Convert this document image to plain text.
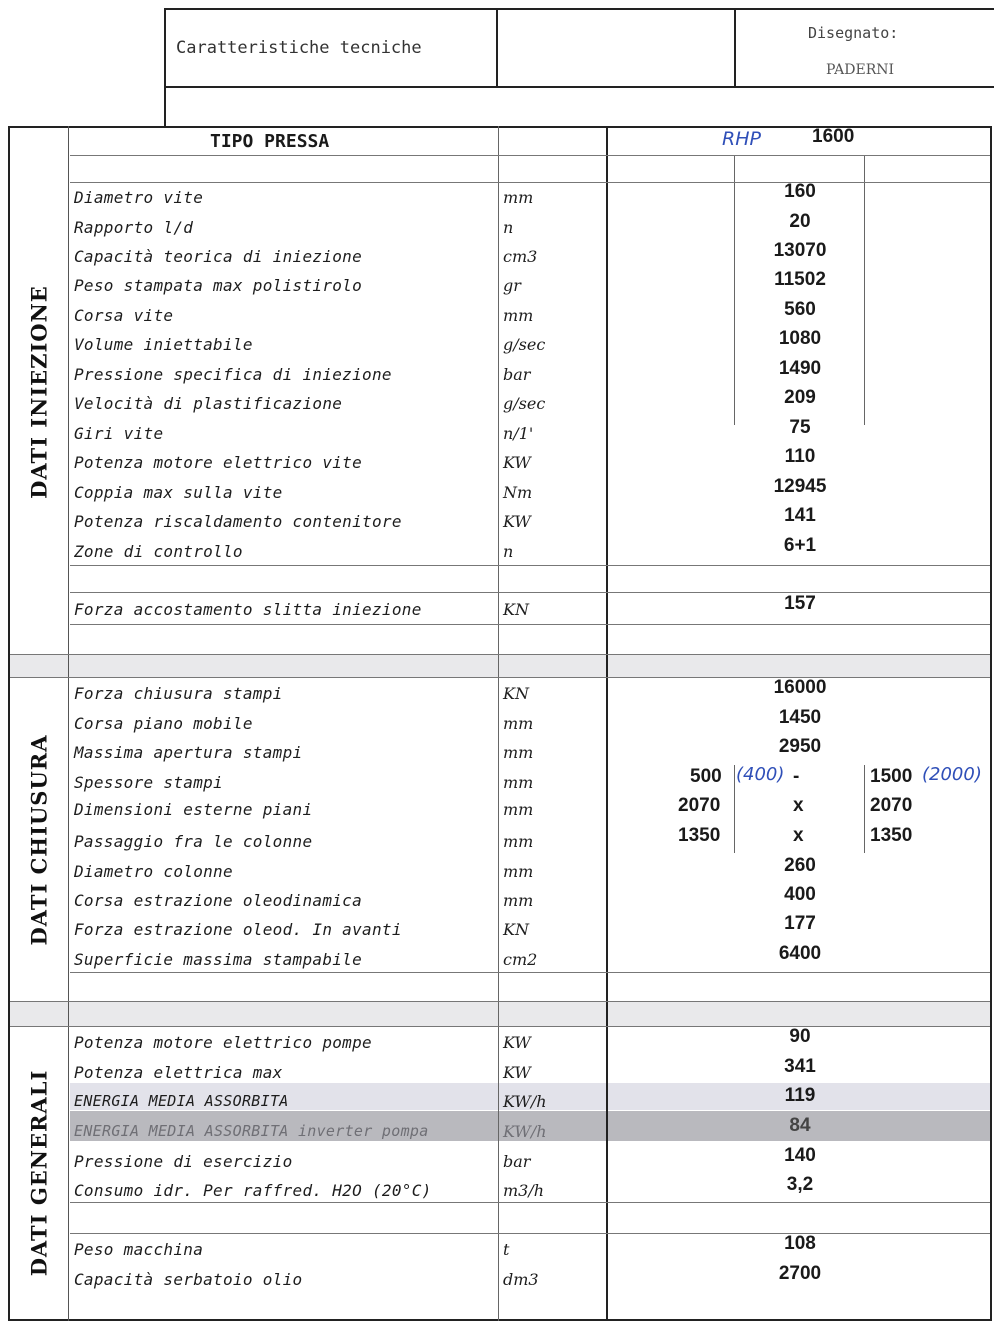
Caratteristiche tecniche
Disegnato:
PADERNI
DATI INIEZIONE
DATI CHIUSURA
DATI GENERALI
TIPO PRESSA	RHP	1600
Diametro vite	mm	160
Rapporto l/d	n	20
Capacità teorica di iniezione	cm3	13070
Peso stampata max polistirolo	gr	11502
Corsa vite	mm	560
Volume iniettabile	g/sec	1080
Pressione specifica di iniezione	bar	1490
Velocità di plastificazione	g/sec	209
Giri vite	n/1'	75
Potenza motore elettrico vite	KW	110
Coppia max sulla vite	Nm	12945
Potenza riscaldamento contenitore	KW	141
Zone di controllo	n	6+1
Forza accostamento slitta iniezione	KN	157
Forza chiusura stampi	KN	16000
Corsa piano mobile	mm	1450
Massima apertura stampi	mm	2950
Spessore stampi	mm	500 (400) -	1500 (2000)
Dimensioni esterne piani	mm	2070	x	2070
Passaggio fra le colonne	mm	1350	x	1350
Diametro colonne	mm	260
Corsa estrazione oleodinamica	mm	400
Forza estrazione oleod. In avanti	KN	177
Superficie massima stampabile	cm2	6400
Potenza motore elettrico pompe	KW	90
Potenza elettrica max	KW	341
ENERGIA MEDIA ASSORBITA	KW/h	119
ENERGIA MEDIA ASSORBITA inverter pompa	KW/h	84
Pressione di esercizio	bar	140
Consumo idr. Per raffred. H2O (20°C)	m3/h	3,2
Peso macchina	t	108
Capacità serbatoio olio	dm3	2700
